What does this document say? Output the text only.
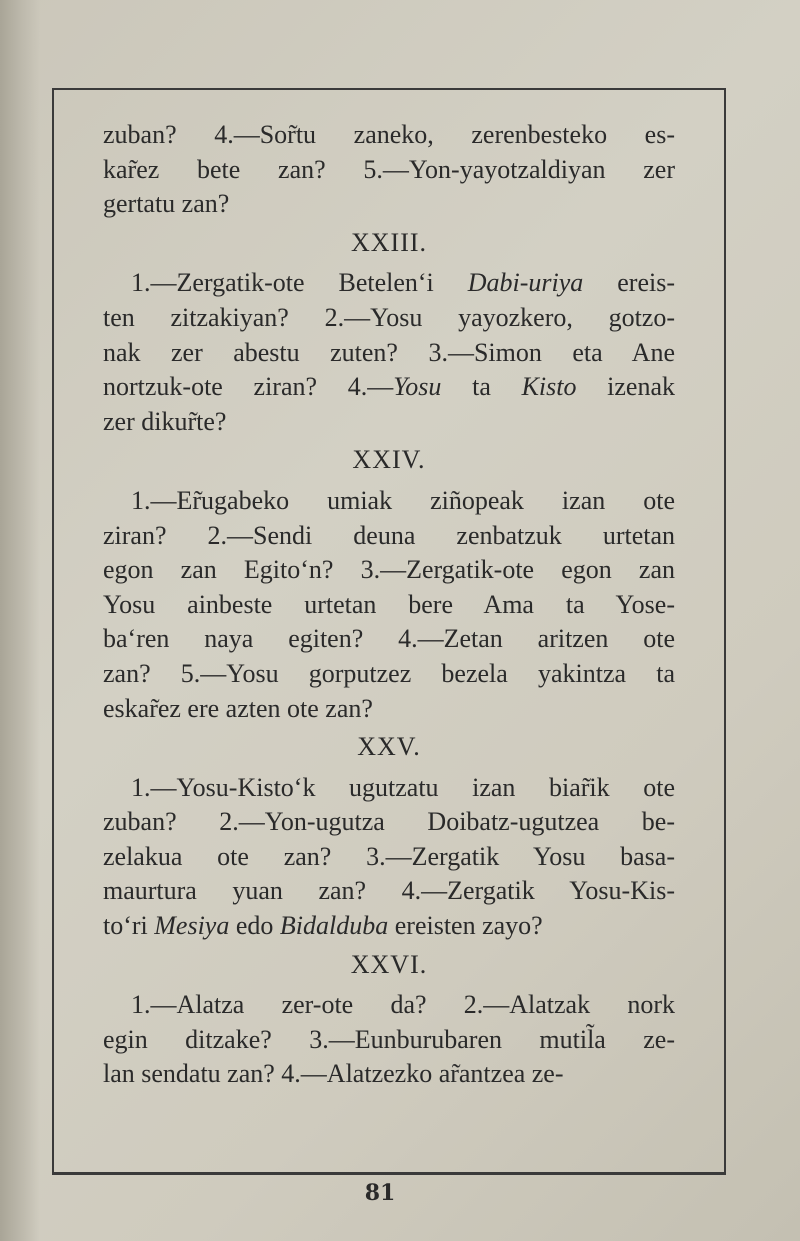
zuban? 4.—Sor̃tu zaneko, zerenbesteko es-
kar̃ez bete zan? 5.—Yon-yayotzaldiyan zer
gertatu zan?
XXIII.
1.—Zergatik-ote Betelen‘i Dabi-uriya ereis-
ten zitzakiyan? 2.—Yosu yayozkero, gotzo-
nak zer abestu zuten? 3.—Simon eta Ane
nortzuk-ote ziran? 4.—Yosu ta Kisto izenak
zer dikur̃te?
XXIV.
1.—Er̃ugabeko umiak ziñopeak izan ote
ziran? 2.—Sendi deuna zenbatzuk urtetan
egon zan Egito‘n? 3.—Zergatik-ote egon zan
Yosu ainbeste urtetan bere Ama ta Yose-
ba‘ren naya egiten? 4.—Zetan aritzen ote
zan? 5.—Yosu gorputzez bezela yakintza ta
eskar̃ez ere azten ote zan?
XXV.
1.—Yosu-Kisto‘k ugutzatu izan biar̃ik ote
zuban? 2.—Yon-ugutza Doibatz-ugutzea be-
zelakua ote zan? 3.—Zergatik Yosu basa-
maurtura yuan zan? 4.—Zergatik Yosu-Kis-
to‘ri Mesiya edo Bidalduba ereisten zayo?
XXVI.
1.—Alatza zer-ote da? 2.—Alatzak nork
egin ditzake? 3.—Eunburubaren mutil̃a ze-
lan sendatu zan? 4.—Alatzezko ar̃antzea ze-
81
